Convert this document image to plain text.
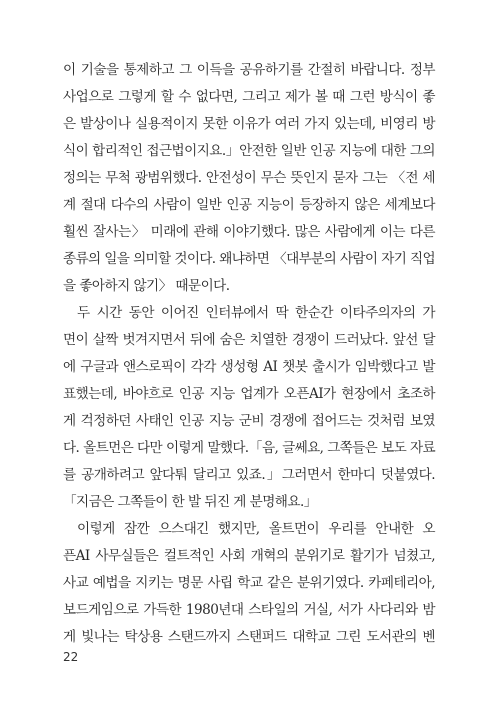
이 기술을 통제하고 그 이득을 공유하기를 간절히 바랍니다. 정부
사업으로 그렇게 할 수 없다면, 그리고 제가 볼 때 그런 방식이 좋
은 발상이나 실용적이지 못한 이유가 여러 가지 있는데, 비영리 방
식이 합리적인 접근법이지요.」안전한 일반 인공 지능에 대한 그의
정의는 무척 광범위했다. 안전성이 무슨 뜻인지 묻자 그는 〈전 세
계 절대 다수의 사람이 일반 인공 지능이 등장하지 않은 세계보다
훨씬 잘사는〉 미래에 관해 이야기했다. 많은 사람에게 이는 다른
종류의 일을 의미할 것이다. 왜냐하면 〈대부분의 사람이 자기 직업
을 좋아하지 않기〉 때문이다.
두 시간 동안 이어진 인터뷰에서 딱 한순간 이타주의자의 가
면이 살짝 벗겨지면서 뒤에 숨은 치열한 경쟁이 드러났다. 앞선 달
에 구글과 앤스로픽이 각각 생성형 AI 챗봇 출시가 임박했다고 발
표했는데, 바야흐로 인공 지능 업계가 오픈AI가 현장에서 초조하
게 걱정하던 사태인 인공 지능 군비 경쟁에 접어드는 것처럼 보였
다. 올트먼은 다만 이렇게 말했다.「음, 글쎄요, 그쪽들은 보도 자료
를 공개하려고 앞다퉈 달리고 있죠.」그러면서 한마디 덧붙였다.
「지금은 그쪽들이 한 발 뒤진 게 분명해요.」
이렇게 잠깐 으스대긴 했지만, 올트먼이 우리를 안내한 오
픈AI 사무실들은 컬트적인 사회 개혁의 분위기로 활기가 넘쳤고,
사교 예법을 지키는 명문 사립 학교 같은 분위기였다. 카페테리아,
보드게임으로 가득한 1980년대 스타일의 거실, 서가 사다리와 밤
게 빛나는 탁상용 스탠드까지 스탠퍼드 대학교 그린 도서관의 벤
22
